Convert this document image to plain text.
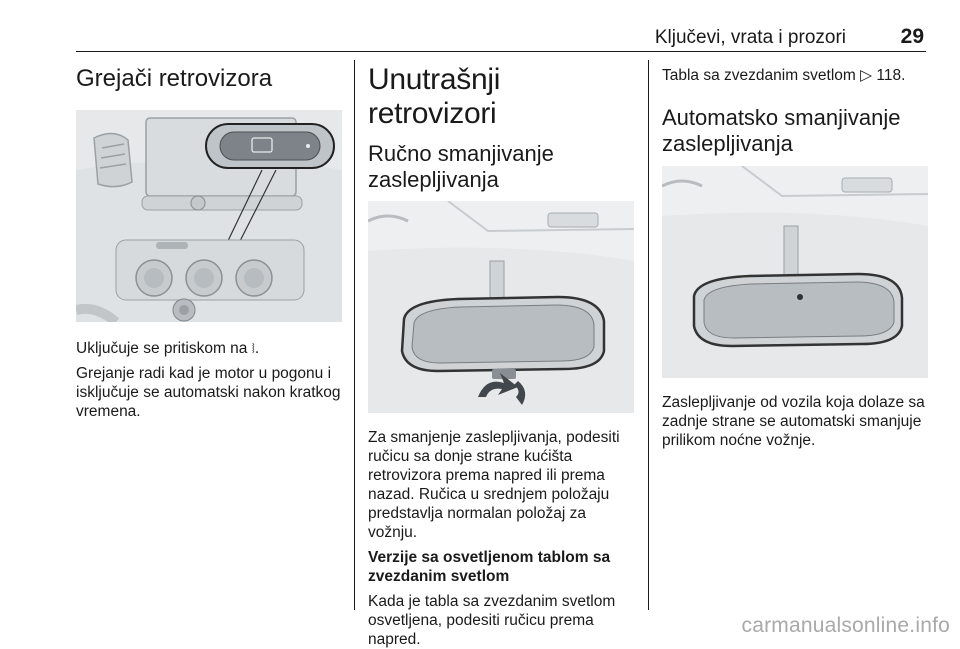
Ključevi, vrata i prozori	29
Grejači retrovizora

Uključuje se pritiskom na ⧘.

Grejanje radi kad je motor u pogonu i isključuje se automatski nakon kratkog vremena.

Unutrašnji retrovizori
Ručno smanjivanje zaslepljivanja

Za smanjenje zaslepljivanja, podesiti ručicu sa donje strane kućišta retrovizora prema napred ili prema nazad. Ručica u srednjem položaju predstavlja normalan položaj za vožnju.

Verzije sa osvetljenom tablom sa zvezdanim svetlom

Kada je tabla sa zvezdanim svetlom osvetljena, podesiti ručicu prema napred.

Tabla sa zvezdanim svetlom ▷ 118.

Automatsko smanjivanje zaslepljivanja

Zaslepljivanje od vozila koja dolaze sa zadnje strane se automatski smanjuje prilikom noćne vožnje.

carmanualsonline.info
